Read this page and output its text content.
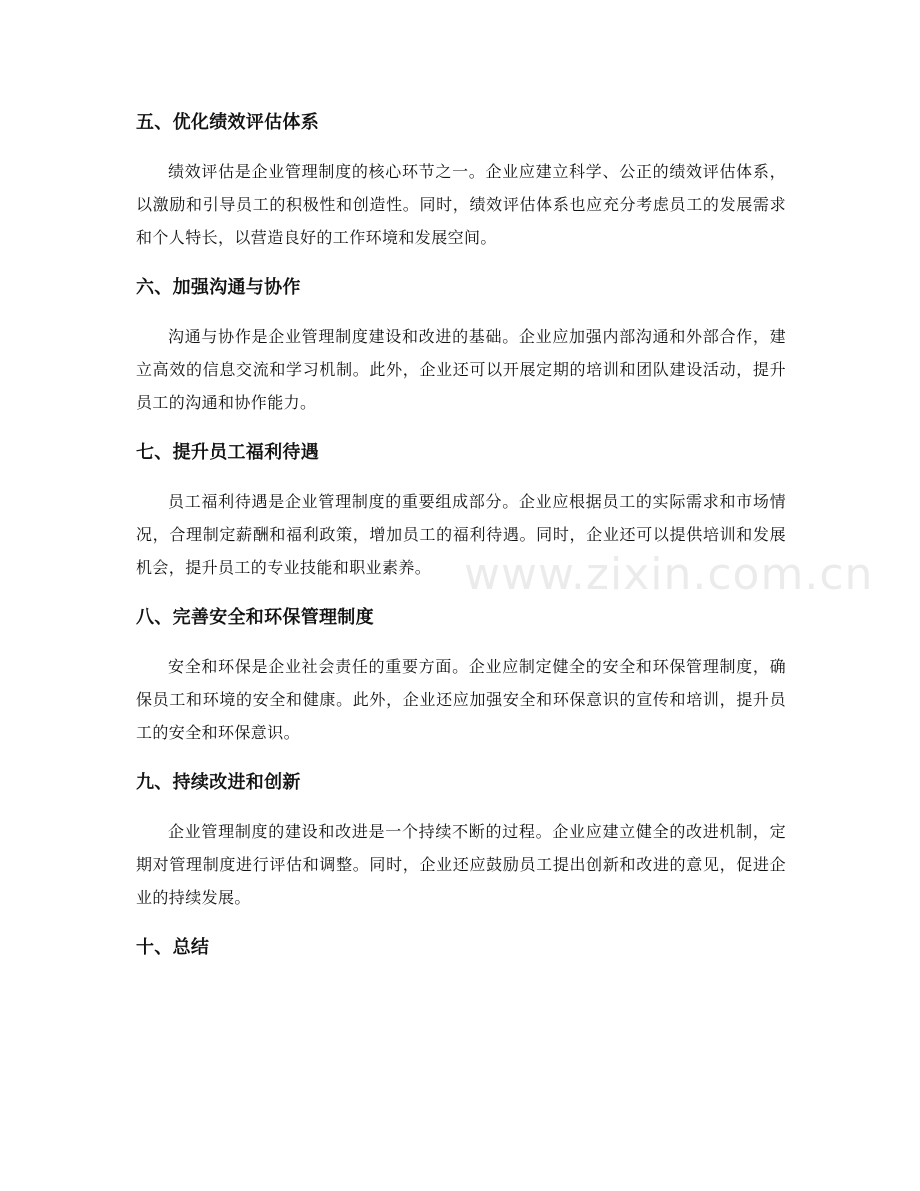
五、优化绩效评估体系

绩效评估是企业管理制度的核心环节之一。企业应建立科学、公正的绩效评估体系，以激励和引导员工的积极性和创造性。同时，绩效评估体系也应充分考虑员工的发展需求和个人特长，以营造良好的工作环境和发展空间。

六、加强沟通与协作

沟通与协作是企业管理制度建设和改进的基础。企业应加强内部沟通和外部合作，建立高效的信息交流和学习机制。此外，企业还可以开展定期的培训和团队建设活动，提升员工的沟通和协作能力。

七、提升员工福利待遇

员工福利待遇是企业管理制度的重要组成部分。企业应根据员工的实际需求和市场情况，合理制定薪酬和福利政策，增加员工的福利待遇。同时，企业还可以提供培训和发展机会，提升员工的专业技能和职业素养。

八、完善安全和环保管理制度

安全和环保是企业社会责任的重要方面。企业应制定健全的安全和环保管理制度，确保员工和环境的安全和健康。此外，企业还应加强安全和环保意识的宣传和培训，提升员工的安全和环保意识。

九、持续改进和创新

企业管理制度的建设和改进是一个持续不断的过程。企业应建立健全的改进机制，定期对管理制度进行评估和调整。同时，企业还应鼓励员工提出创新和改进的意见，促进企业的持续发展。

十、总结
www.zixin.com.cn
